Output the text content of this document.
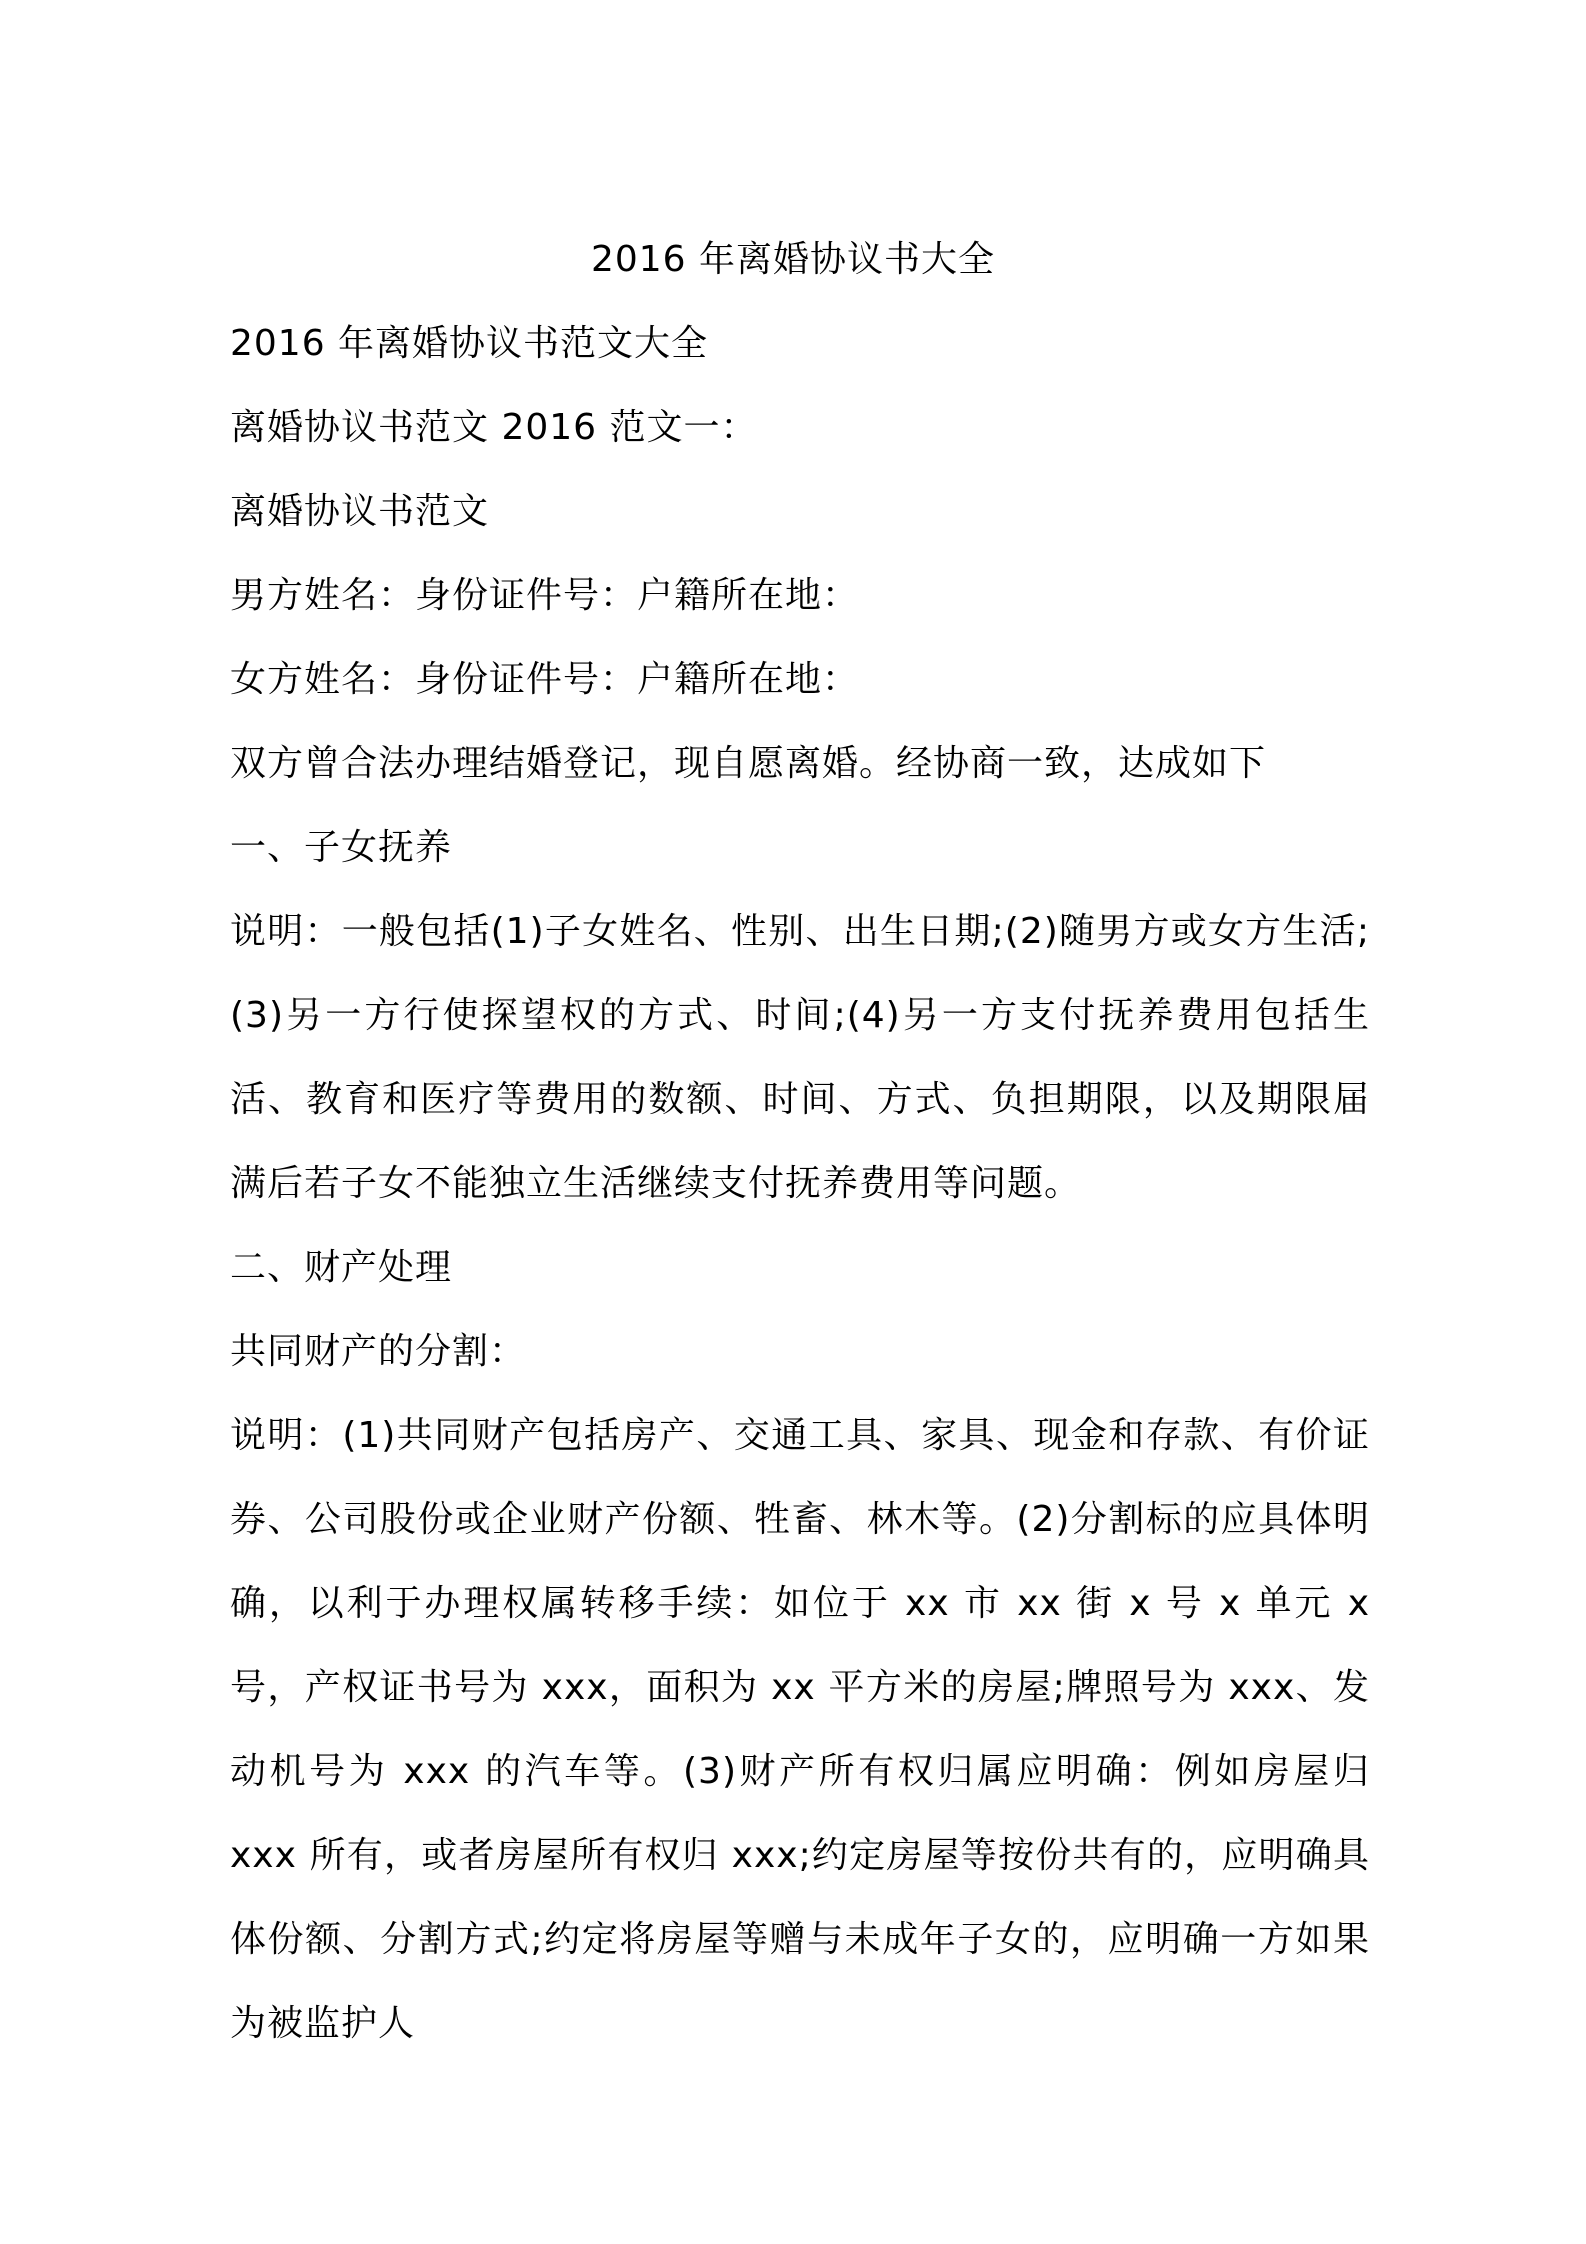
2016 年离婚协议书大全
2016 年离婚协议书范文大全
离婚协议书范文 2016 范文一：
离婚协议书范文
男方姓名：身份证件号：户籍所在地：
女方姓名：身份证件号：户籍所在地：
双方曾合法办理结婚登记，现自愿离婚。经协商一致，达成如下
一、子女抚养
说明：一般包括(1)子女姓名、性别、出生日期;(2)随男方或女方生活;(3)另一方行使探望权的方式、时间;(4)另一方支付抚养费用包括生活、教育和医疗等费用的数额、时间、方式、负担期限，以及期限届满后若子女不能独立生活继续支付抚养费用等问题。
二、财产处理
共同财产的分割：
说明：(1)共同财产包括房产、交通工具、家具、现金和存款、有价证券、公司股份或企业财产份额、牲畜、林木等。(2)分割标的应具体明确，以利于办理权属转移手续：如位于 xx 市 xx 街 x 号 x 单元 x 号，产权证书号为 xxx，面积为 xx 平方米的房屋;牌照号为 xxx、发动机号为 xxx 的汽车等。(3)财产所有权归属应明确：例如房屋归 xxx 所有，或者房屋所有权归 xxx;约定房屋等按份共有的，应明确具体份额、分割方式;约定将房屋等赠与未成年子女的，应明确一方如果为被监护人
